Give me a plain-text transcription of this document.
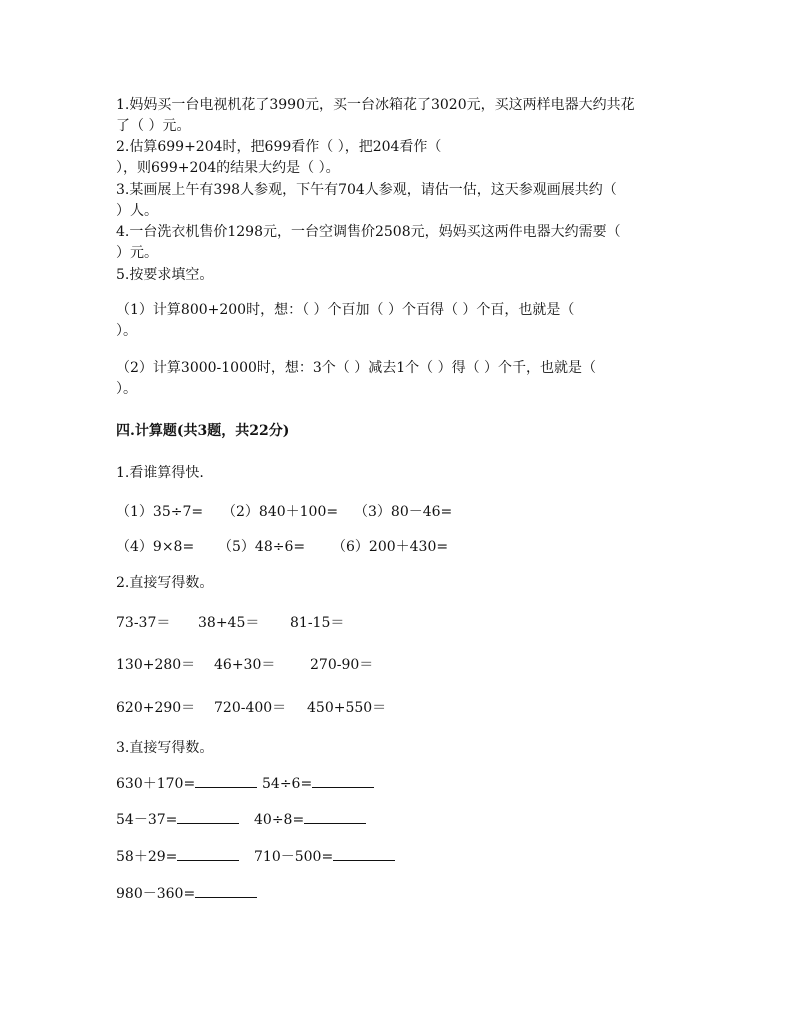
1.妈妈买一台电视机花了3990元，买一台冰箱花了3020元，买这两样电器大约共花
了（ ）元。
2.估算699+204时，把699看作（ ），把204看作（
），则699+204的结果大约是（ ）。
3.某画展上午有398人参观，下午有704人参观，请估一估，这天参观画展共约（
）人。
4.一台洗衣机售价1298元，一台空调售价2508元，妈妈买这两件电器大约需要（
）元。
5.按要求填空。
（1）计算800+200时，想：（ ）个百加（ ）个百得（ ）个百，也就是（
）。
（2）计算3000-1000时，想：3个（ ）减去1个（ ）得（ ）个千，也就是（
）。
四.计算题(共3题，共22分)
1.看谁算得快.
（1）35÷7= （2）840＋100= （3）80－46=
（4）9×8= （5）48÷6= （6）200＋430=
2.直接写得数。
73-37＝ 38+45＝ 81-15＝
130+280＝ 46+30＝ 270-90＝
620+290＝ 720-400＝ 450+550＝
3.直接写得数。
630＋170=	54÷6=
54－37=	40÷8=
58＋29=	710－500=
980－360=
